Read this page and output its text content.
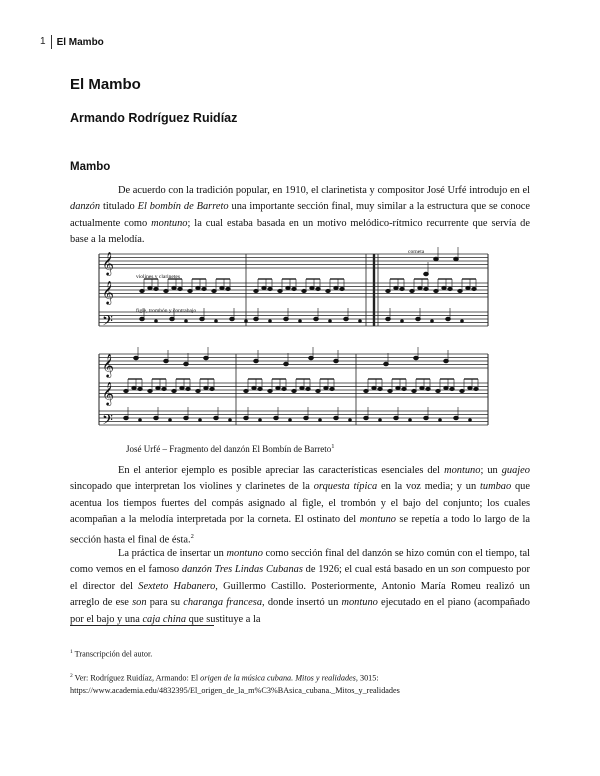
1	El Mambo
El Mambo
Armando Rodríguez Ruidíaz
Mambo

De acuerdo con la tradición popular, en 1910, el clarinetista y compositor José Urfé introdujo en el danzón titulado El bombín de Barreto una importante sección final, muy similar a la estructura que se conoce actualmente como montuno; la cual estaba basada en un motivo melódico-rítmico recurrente que servía de base a la melodía.

𝄞
𝄞
𝄢
𝄞
𝄞
𝄢
corneta
violines y clarinetes
figle, trombón y contrabajo

José Urfé – Fragmento del danzón El Bombín de Barreto$^1$

En el anterior ejemplo es posible apreciar las características esenciales del montuno; un guajeo sincopado que interpretan los violines y clarinetes de la orquesta típica en la voz media; y un tumbao que acentua los tiempos fuertes del compás asignado al figle, el trombón y el bajo del conjunto; los cuales acompañan a la melodía interpretada por la corneta. El ostinato del montuno se repetía a todo lo largo de la sección hasta el final de ésta.$^2$

La práctica de insertar un montuno como sección final del danzón se hizo común con el tiempo, tal como vemos en el famoso danzón Tres Lindas Cubanas de 1926; el cual está basado en un son compuesto por el director del Sexteto Habanero, Guillermo Castillo. Posteriormente, Antonio María Romeu realizó un arreglo de ese son para su charanga francesa, donde insertó un montuno ejecutado en el piano (acompañado por el bajo y una caja china que sustituye a la

$^1$ Transcripción del autor.

$^2$ Ver: Rodríguez Ruidíaz, Armando: El origen de la música cubana. Mitos y realidades, 3015:
https://www.academia.edu/4832395/El_origen_de_la_m%C3%BAsica_cubana._Mitos_y_realidades
